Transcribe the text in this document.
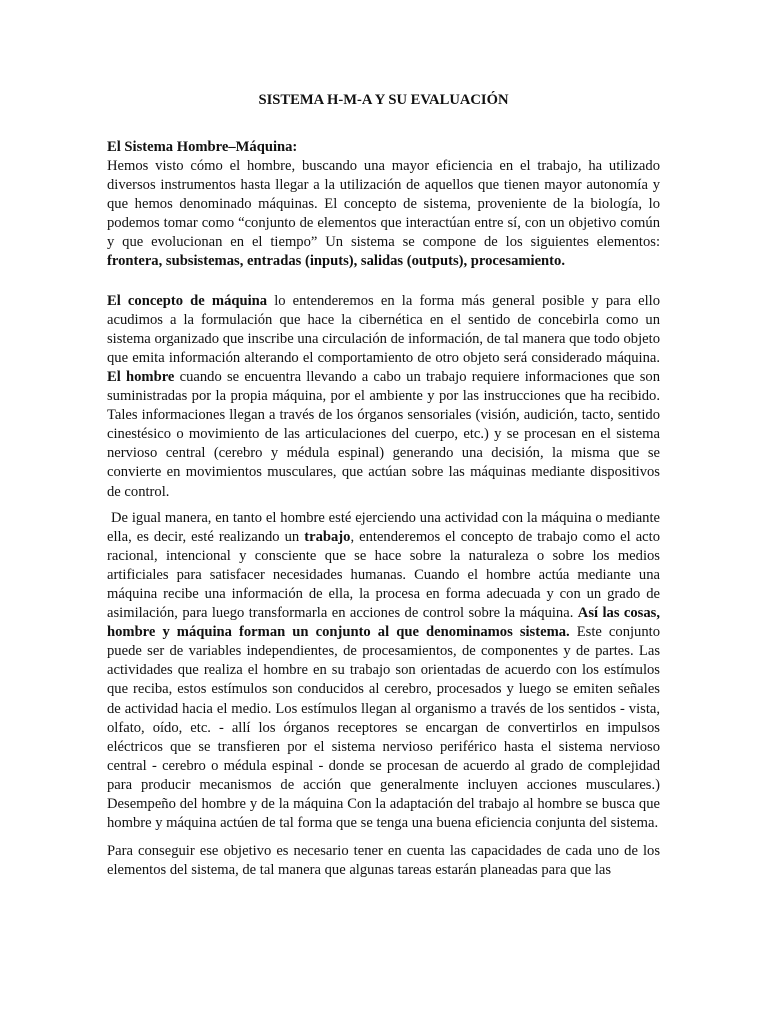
SISTEMA H-M-A Y SU EVALUACIÓN
El Sistema Hombre–Máquina:

Hemos visto cómo el hombre, buscando una mayor eficiencia en el trabajo, ha utilizado diversos instrumentos hasta llegar a la utilización de aquellos que tienen mayor autonomía y que hemos denominado máquinas. El concepto de sistema, proveniente de la biología, lo podemos tomar como “conjunto de elementos que interactúan entre sí, con un objetivo común y que evolucionan en el tiempo” Un sistema se compone de los siguientes elementos: frontera, subsistemas, entradas (inputs), salidas (outputs), procesamiento.

El concepto de máquina lo entenderemos en la forma más general posible y para ello acudimos a la formulación que hace la cibernética en el sentido de concebirla como un sistema organizado que inscribe una circulación de información, de tal manera que todo objeto que emita información alterando el comportamiento de otro objeto será considerado máquina. El hombre cuando se encuentra llevando a cabo un trabajo requiere informaciones que son suministradas por la propia máquina, por el ambiente y por las instrucciones que ha recibido. Tales informaciones llegan a través de los órganos sensoriales (visión, audición, tacto, sentido cinestésico o movimiento de las articulaciones del cuerpo, etc.) y se procesan en el sistema nervioso central (cerebro y médula espinal) generando una decisión, la misma que se convierte en movimientos musculares, que actúan sobre las máquinas mediante dispositivos de control.

De igual manera, en tanto el hombre esté ejerciendo una actividad con la máquina o mediante ella, es decir, esté realizando un trabajo, entenderemos el concepto de trabajo como el acto racional, intencional y consciente que se hace sobre la naturaleza o sobre los medios artificiales para satisfacer necesidades humanas. Cuando el hombre actúa mediante una máquina recibe una información de ella, la procesa en forma adecuada y con un grado de asimilación, para luego transformarla en acciones de control sobre la máquina. Así las cosas, hombre y máquina forman un conjunto al que denominamos sistema. Este conjunto puede ser de variables independientes, de procesamientos, de componentes y de partes. Las actividades que realiza el hombre en su trabajo son orientadas de acuerdo con los estímulos que reciba, estos estímulos son conducidos al cerebro, procesados y luego se emiten señales de actividad hacia el medio. Los estímulos llegan al organismo a través de los sentidos - vista, olfato, oído, etc. - allí los órganos receptores se encargan de convertirlos en impulsos eléctricos que se transfieren por el sistema nervioso periférico hasta el sistema nervioso central - cerebro o médula espinal - donde se procesan de acuerdo al grado de complejidad para producir mecanismos de acción que generalmente incluyen acciones musculares.) Desempeño del hombre y de la máquina Con la adaptación del trabajo al hombre se busca que hombre y máquina actúen de tal forma que se tenga una buena eficiencia conjunta del sistema.

Para conseguir ese objetivo es necesario tener en cuenta las capacidades de cada uno de los elementos del sistema, de tal manera que algunas tareas estarán planeadas para que las
